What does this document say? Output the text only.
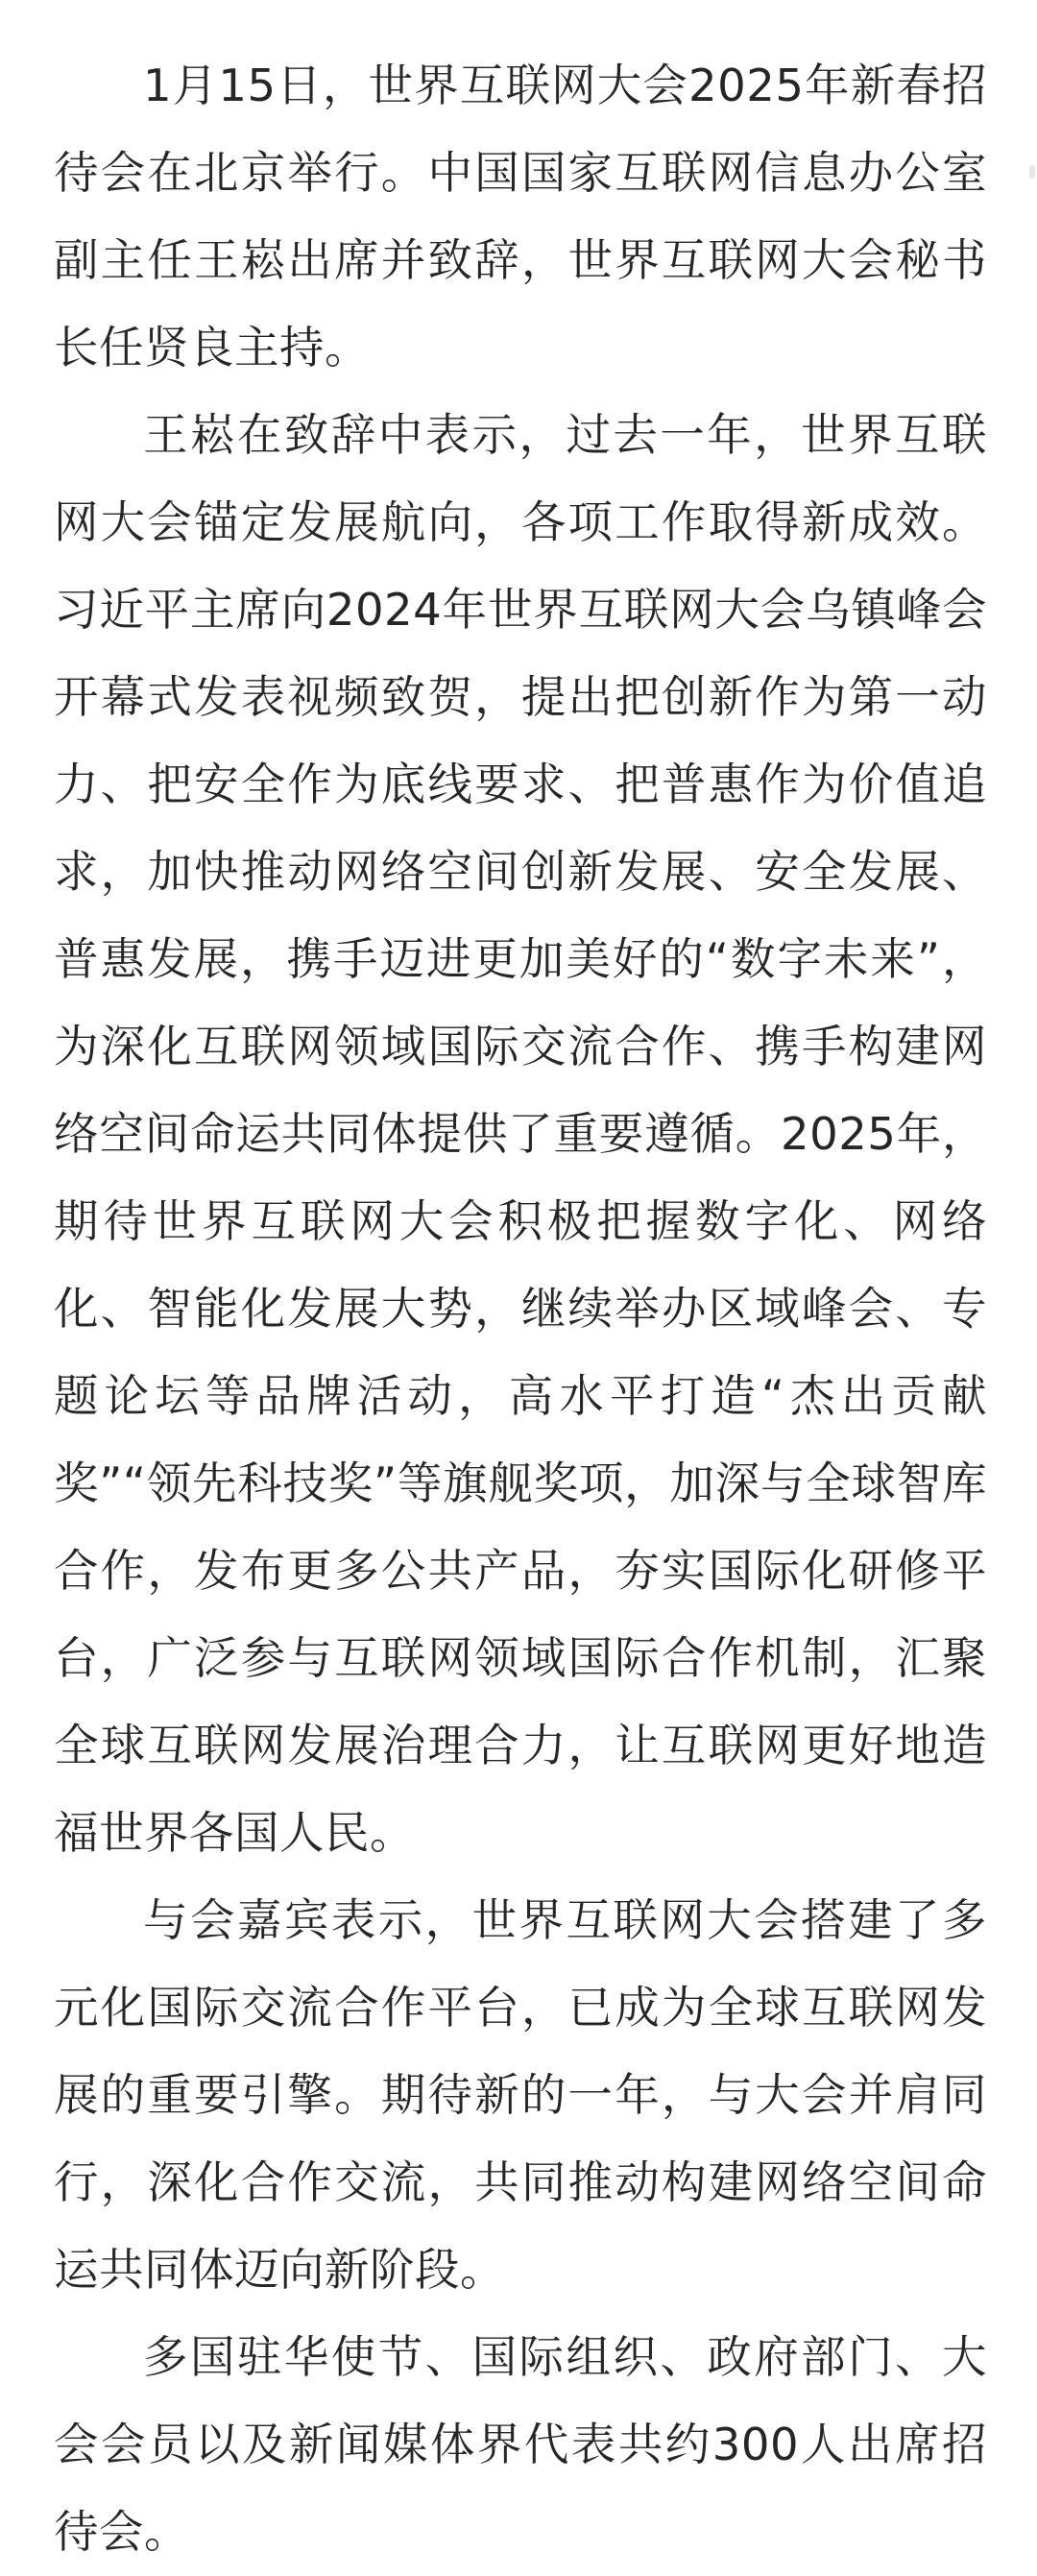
1月15日，世界互联网大会2025年新春招待会在北京举行。中国国家互联网信息办公室副主任王崧出席并致辞，世界互联网大会秘书长任贤良主持。

王崧在致辞中表示，过去一年，世界互联网大会锚定发展航向，各项工作取得新成效。习近平主席向2024年世界互联网大会乌镇峰会开幕式发表视频致贺，提出把创新作为第一动力、把安全作为底线要求、把普惠作为价值追求，加快推动网络空间创新发展、安全发展、普惠发展，携手迈进更加美好的“数字未来”，为深化互联网领域国际交流合作、携手构建网络空间命运共同体提供了重要遵循。2025年，期待世界互联网大会积极把握数字化、网络化、智能化发展大势，继续举办区域峰会、专题论坛等品牌活动，高水平打造“杰出贡献奖”“领先科技奖”等旗舰奖项，加深与全球智库合作，发布更多公共产品，夯实国际化研修平台，广泛参与互联网领域国际合作机制，汇聚全球互联网发展治理合力，让互联网更好地造福世界各国人民。

与会嘉宾表示，世界互联网大会搭建了多元化国际交流合作平台，已成为全球互联网发展的重要引擎。期待新的一年，与大会并肩同行，深化合作交流，共同推动构建网络空间命运共同体迈向新阶段。

多国驻华使节、国际组织、政府部门、大会会员以及新闻媒体界代表共约300人出席招待会。
